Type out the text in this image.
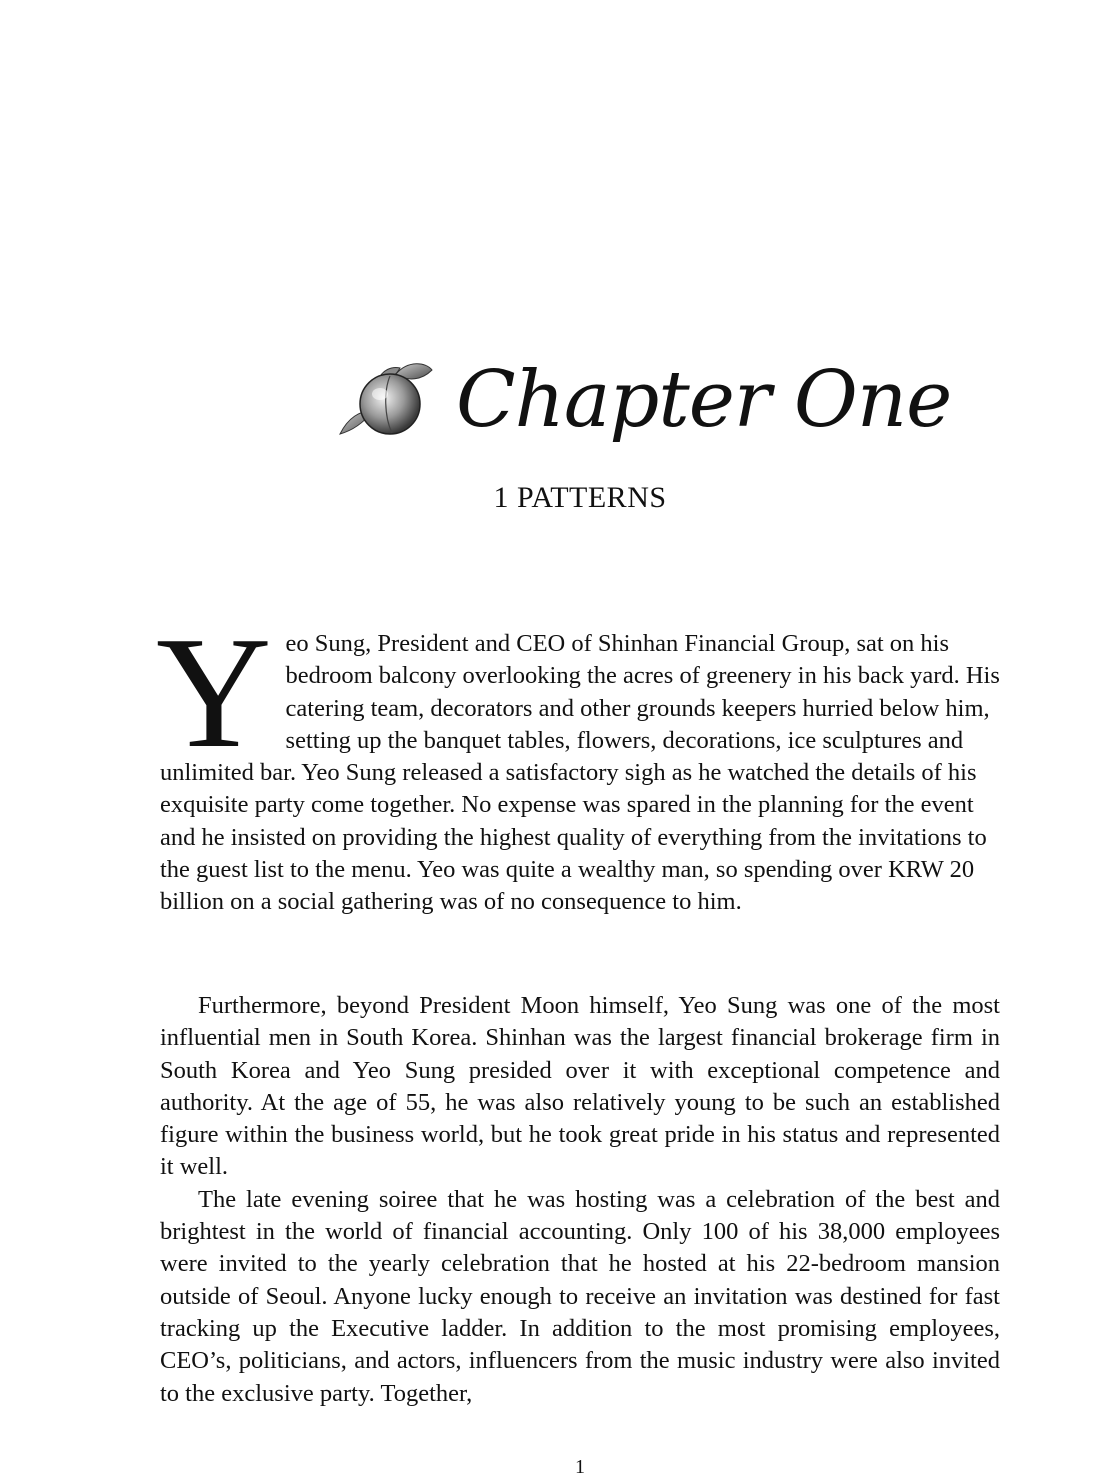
Chapter One
1 PATTERNS
Y eo Sung, President and CEO of Shinhan Financial Group, sat on his bedroom balcony overlooking the acres of greenery in his back yard. His catering team, decorators and other grounds keepers hurried below him, setting up the banquet tables, flowers, decorations, ice sculptures and unlimited bar. Yeo Sung released a satisfactory sigh as he watched the details of his exquisite party come together. No expense was spared in the planning for the event and he insisted on providing the highest quality of everything from the invitations to the guest list to the menu. Yeo was quite a wealthy man, so spending over KRW 20 billion on a social gathering was of no consequence to him.

Furthermore, beyond President Moon himself, Yeo Sung was one of the most influential men in South Korea. Shinhan was the largest financial brokerage firm in South Korea and Yeo Sung presided over it with exceptional competence and authority. At the age of 55, he was also relatively young to be such an established figure within the business world, but he took great pride in his status and represented it well.

The late evening soiree that he was hosting was a celebration of the best and brightest in the world of financial accounting. Only 100 of his 38,000 employees were invited to the yearly celebration that he hosted at his 22-bedroom mansion outside of Seoul. Anyone lucky enough to receive an invitation was destined for fast tracking up the Executive ladder. In addition to the most promising employees, CEO’s, politicians, and actors, influencers from the music industry were also invited to the exclusive party. Together,

1
